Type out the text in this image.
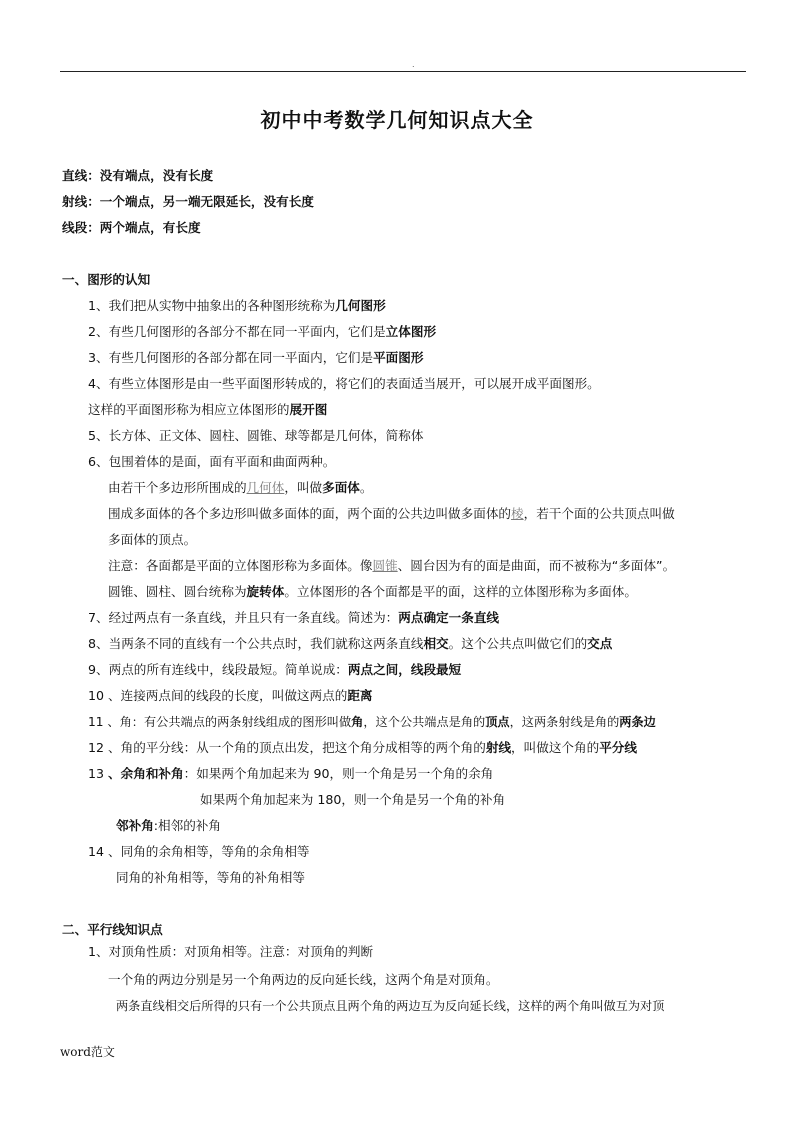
.
初中中考数学几何知识点大全
直线：没有端点，没有长度
射线：一个端点，另一端无限延长，没有长度
线段：两个端点，有长度
一、图形的认知
1、我们把从实物中抽象出的各种图形统称为几何图形
2、有些几何图形的各部分不都在同一平面内，它们是立体图形
3、有些几何图形的各部分都在同一平面内，它们是平面图形
4、有些立体图形是由一些平面图形转成的，将它们的表面适当展开，可以展开成平面图形。
这样的平面图形称为相应立体图形的展开图
5、长方体、正文体、圆柱、圆锥、球等都是几何体，简称体
6、包围着体的是面，面有平面和曲面两种。
由若干个多边形所围成的几何体，叫做多面体。
围成多面体的各个多边形叫做多面体的面，两个面的公共边叫做多面体的棱，若干个面的公共顶点叫做
多面体的顶点。
注意：各面都是平面的立体图形称为多面体。像圆锥、圆台因为有的面是曲面，而不被称为“多面体”。
圆锥、圆柱、圆台统称为旋转体。立体图形的各个面都是平的面，这样的立体图形称为多面体。
7、经过两点有一条直线，并且只有一条直线。简述为：两点确定一条直线
8、当两条不同的直线有一个公共点时，我们就称这两条直线相交。这个公共点叫做它们的交点
9、两点的所有连线中，线段最短。简单说成：两点之间，线段最短
10 、连接两点间的线段的长度，叫做这两点的距离
11 、角：有公共端点的两条射线组成的图形叫做角，这个公共端点是角的顶点，这两条射线是角的两条边
12 、角的平分线：从一个角的顶点出发，把这个角分成相等的两个角的射线，叫做这个角的平分线
13 、余角和补角：如果两个角加起来为 90，则一个角是另一个角的余角
如果两个角加起来为 180，则一个角是另一个角的补角
邻补角:相邻的补角
14 、同角的余角相等，等角的余角相等
同角的补角相等，等角的补角相等
二、平行线知识点
1、对顶角性质：对顶角相等。注意：对顶角的判断
一个角的两边分别是另一个角两边的反向延长线，这两个角是对顶角。
两条直线相交后所得的只有一个公共顶点且两个角的两边互为反向延长线，这样的两个角叫做互为对顶
word范文
